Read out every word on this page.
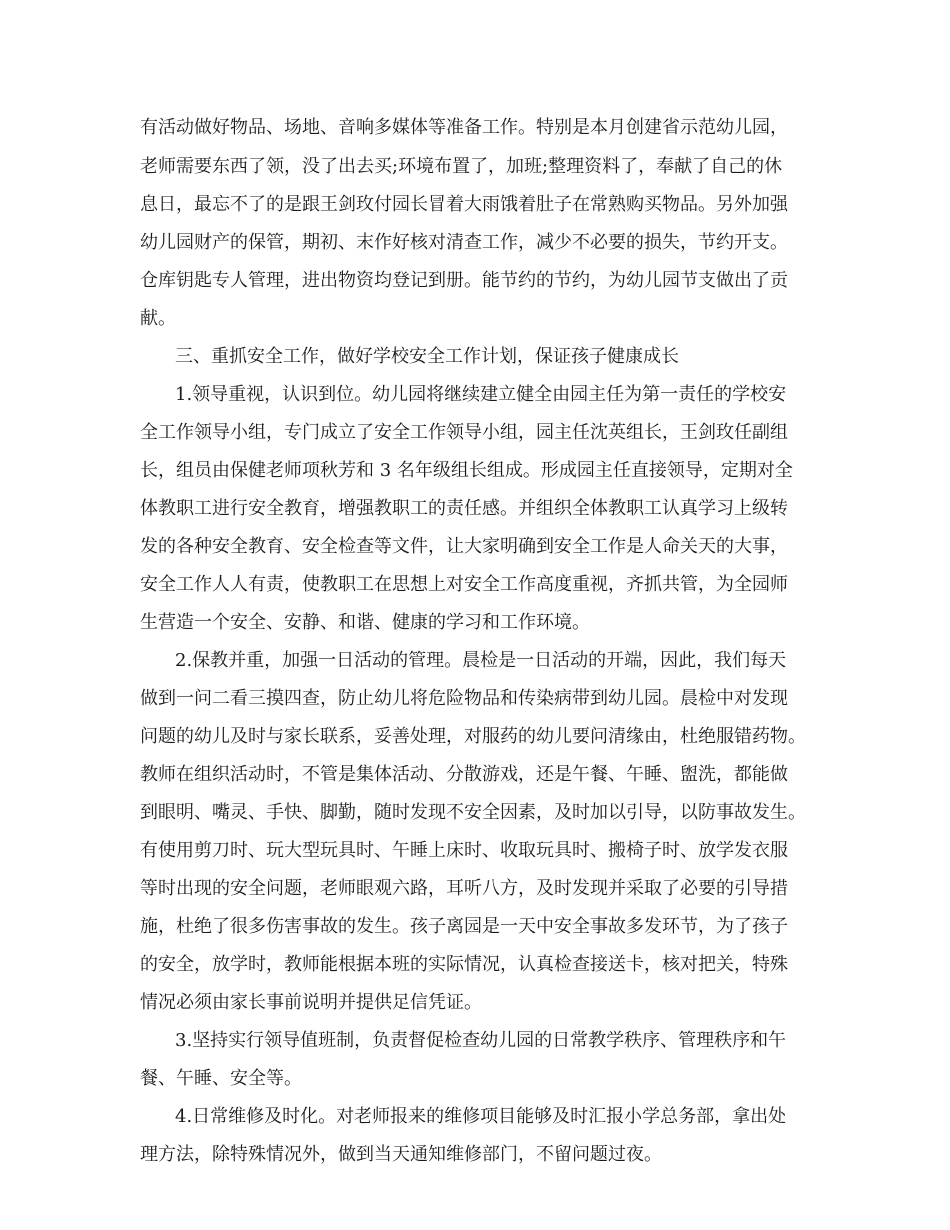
有活动做好物品、场地、音响多媒体等准备工作。特别是本月创建省示范幼儿园，

老师需要东西了领，没了出去买;环境布置了，加班;整理资料了，奉献了自己的休

息日，最忘不了的是跟王剑玫付园长冒着大雨饿着肚子在常熟购买物品。另外加强

幼儿园财产的保管，期初、末作好核对清查工作，减少不必要的损失，节约开支。

仓库钥匙专人管理，进出物资均登记到册。能节约的节约，为幼儿园节支做出了贡

献。

三、重抓安全工作，做好学校安全工作计划，保证孩子健康成长

1.领导重视，认识到位。幼儿园将继续建立健全由园主任为第一责任的学校安

全工作领导小组，专门成立了安全工作领导小组，园主任沈英组长，王剑玫任副组

长，组员由保健老师项秋芳和 3 名年级组长组成。形成园主任直接领导，定期对全

体教职工进行安全教育，增强教职工的责任感。并组织全体教职工认真学习上级转

发的各种安全教育、安全检查等文件，让大家明确到安全工作是人命关天的大事，

安全工作人人有责，使教职工在思想上对安全工作高度重视，齐抓共管，为全园师

生营造一个安全、安静、和谐、健康的学习和工作环境。

2.保教并重，加强一日活动的管理。晨检是一日活动的开端，因此，我们每天

做到一问二看三摸四查，防止幼儿将危险物品和传染病带到幼儿园。晨检中对发现

问题的幼儿及时与家长联系，妥善处理，对服药的幼儿要问清缘由，杜绝服错药物。

教师在组织活动时，不管是集体活动、分散游戏，还是午餐、午睡、盥洗，都能做

到眼明、嘴灵、手快、脚勤，随时发现不安全因素，及时加以引导，以防事故发生。

有使用剪刀时、玩大型玩具时、午睡上床时、收取玩具时、搬椅子时、放学发衣服

等时出现的安全问题，老师眼观六路，耳听八方，及时发现并采取了必要的引导措

施，杜绝了很多伤害事故的发生。孩子离园是一天中安全事故多发环节，为了孩子

的安全，放学时，教师能根据本班的实际情况，认真检查接送卡，核对把关，特殊

情况必须由家长事前说明并提供足信凭证。

3.坚持实行领导值班制，负责督促检查幼儿园的日常教学秩序、管理秩序和午

餐、午睡、安全等。

4.日常维修及时化。对老师报来的维修项目能够及时汇报小学总务部，拿出处

理方法，除特殊情况外，做到当天通知维修部门，不留问题过夜。
